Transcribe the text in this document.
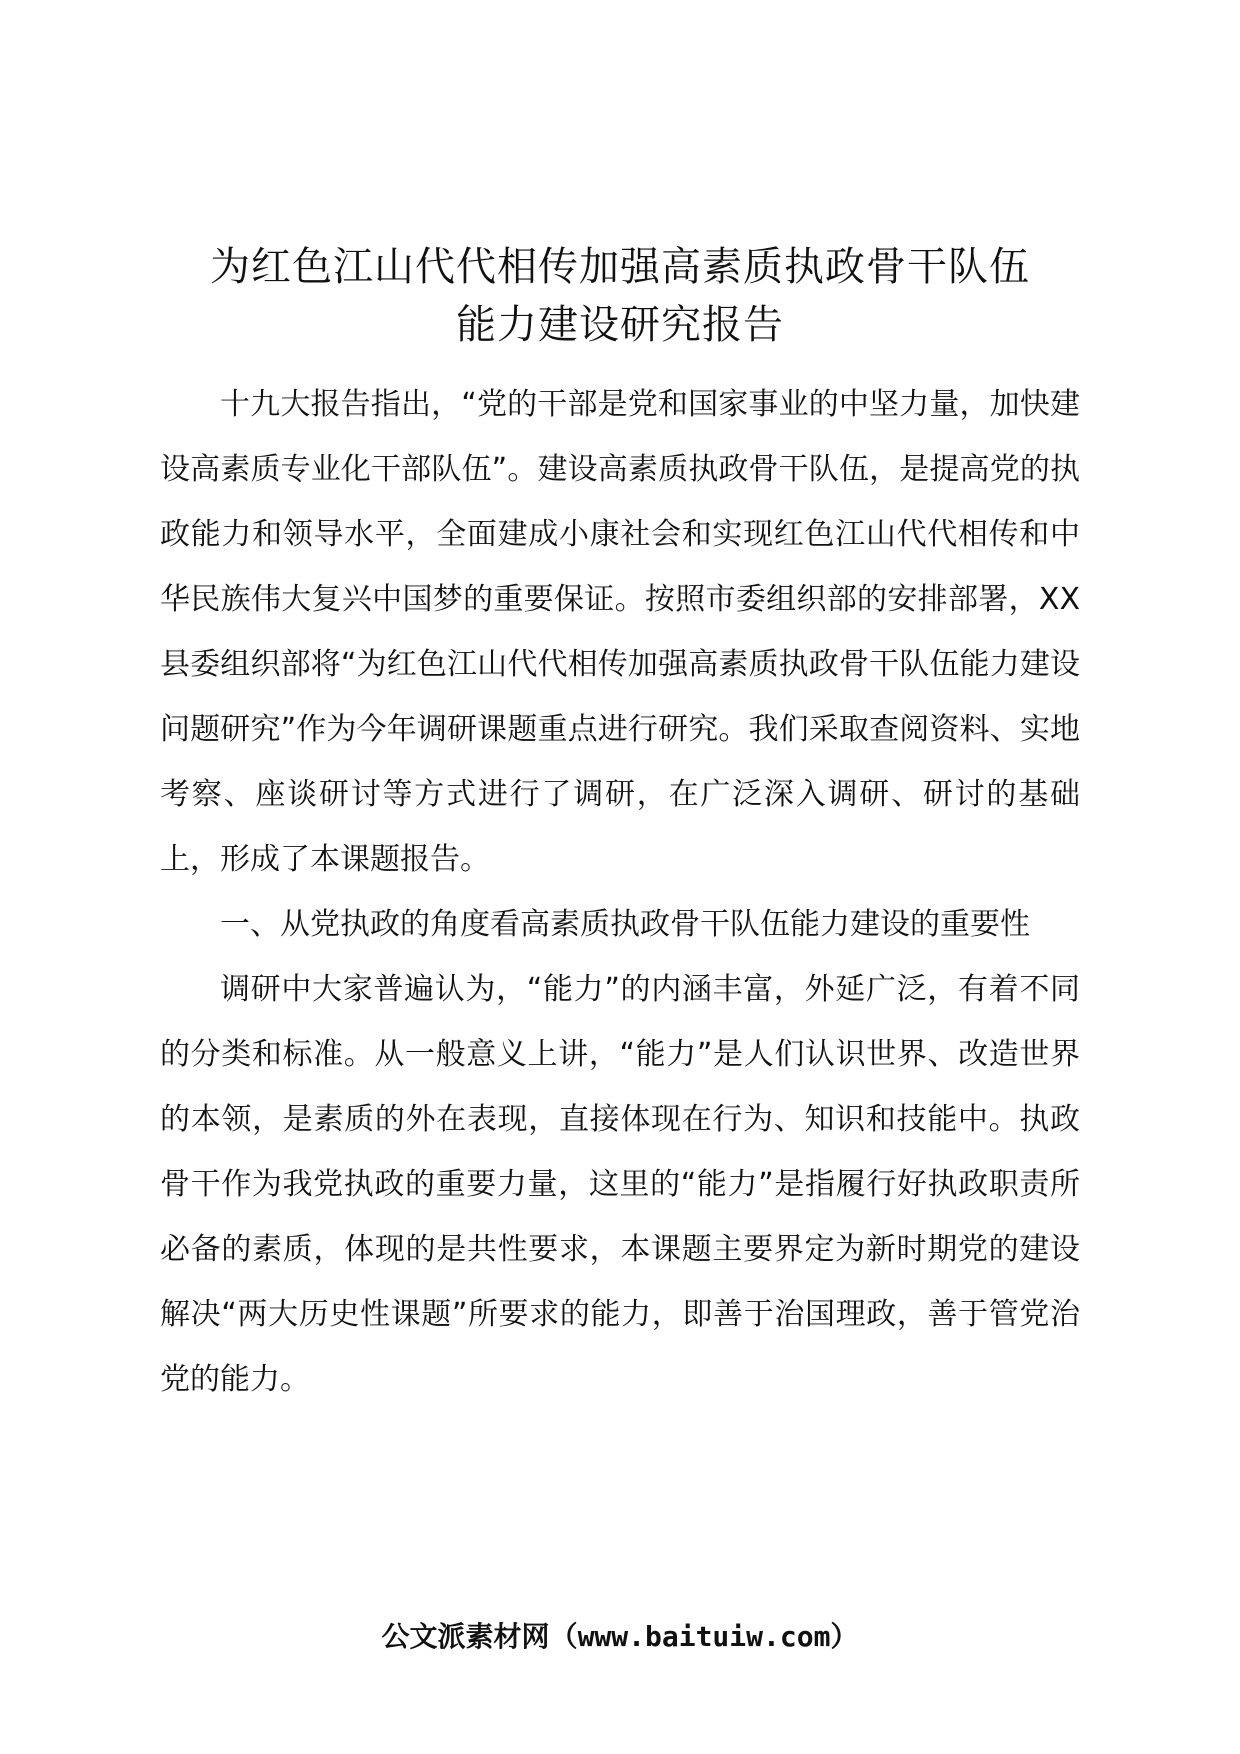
为红色江山代代相传加强高素质执政骨干队伍
能力建设研究报告

十九大报告指出，“党的干部是党和国家事业的中坚力量，加快建设高素质专业化干部队伍”。建设高素质执政骨干队伍，是提高党的执政能力和领导水平，全面建成小康社会和实现红色江山代代相传和中华民族伟大复兴中国梦的重要保证。按照市委组织部的安排部署，XX县委组织部将“为红色江山代代相传加强高素质执政骨干队伍能力建设问题研究”作为今年调研课题重点进行研究。我们采取查阅资料、实地考察、座谈研讨等方式进行了调研，在广泛深入调研、研讨的基础上，形成了本课题报告。

一、从党执政的角度看高素质执政骨干队伍能力建设的重要性

调研中大家普遍认为，“能力”的内涵丰富，外延广泛，有着不同的分类和标准。从一般意义上讲，“能力”是人们认识世界、改造世界的本领，是素质的外在表现，直接体现在行为、知识和技能中。执政骨干作为我党执政的重要力量，这里的“能力”是指履行好执政职责所必备的素质，体现的是共性要求，本课题主要界定为新时期党的建设解决“两大历史性课题”所要求的能力，即善于治国理政，善于管党治党的能力。

公文派素材网（www.baituiw.com）
